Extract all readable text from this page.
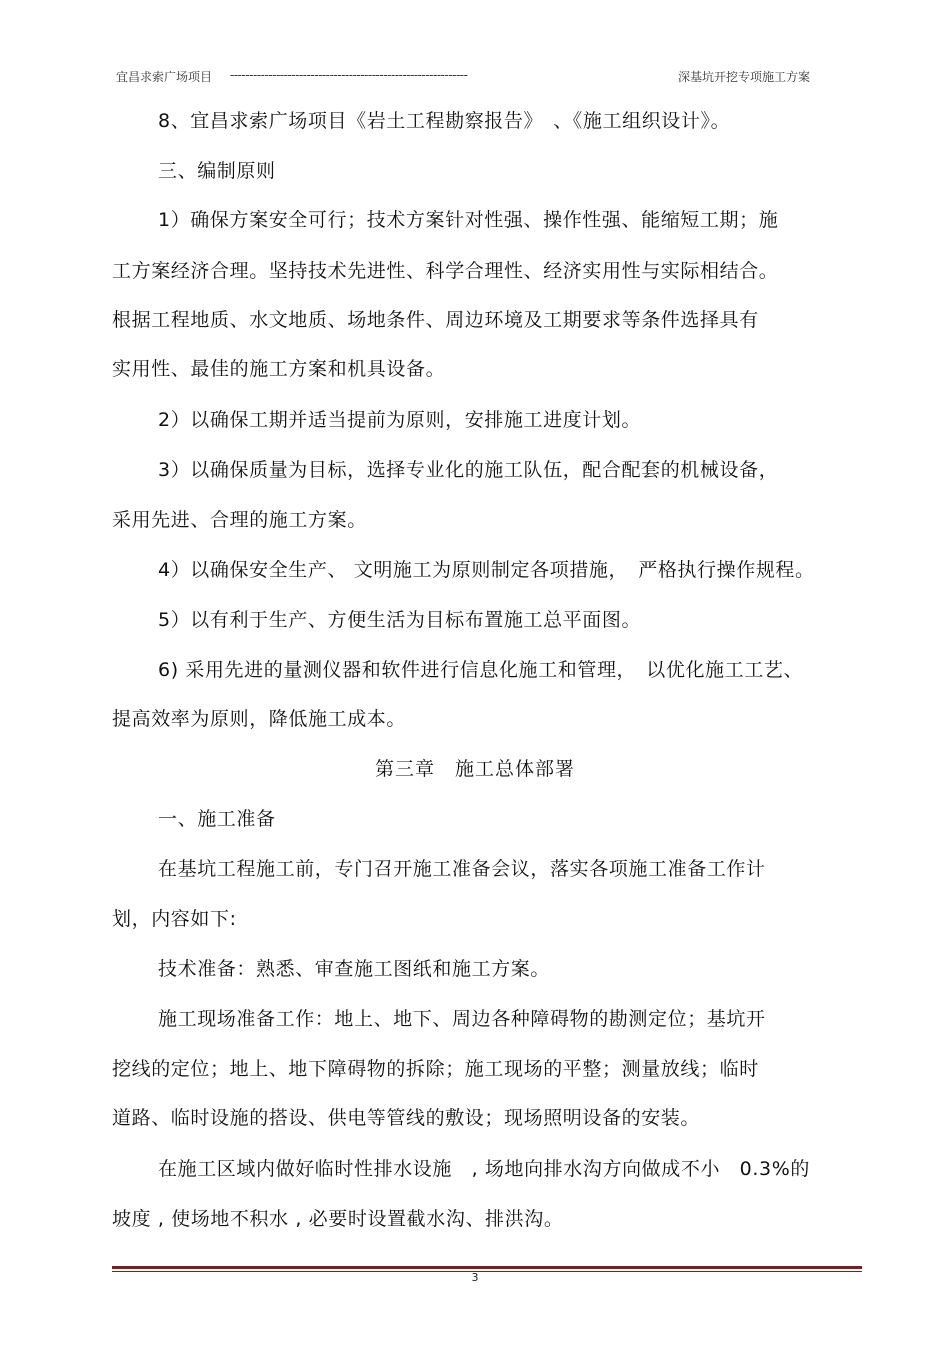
宜昌求索广场项目 --------------------------------------------------------------	深基坑开挖专项施工方案
8、宜昌求索广场项目《岩土工程勘察报告》　、《施工组织设计》。
三、编制原则
1）确保方案安全可行；技术方案针对性强、操作性强、能缩短工期；施
工方案经济合理。坚持技术先进性、科学合理性、经济实用性与实际相结合。
根据工程地质、水文地质、场地条件、周边环境及工期要求等条件选择具有
实用性、最佳的施工方案和机具设备。
2）以确保工期并适当提前为原则，安排施工进度计划。
3）以确保质量为目标，选择专业化的施工队伍，配合配套的机械设备，
采用先进、合理的施工方案。
4）以确保安全生产、 文明施工为原则制定各项措施，　严格执行操作规程。
5）以有利于生产、方便生活为目标布置施工总平面图。
6) 采用先进的量测仪器和软件进行信息化施工和管理，　以优化施工工艺、
提高效率为原则，降低施工成本。
第三章　施工总体部署
一、施工准备
在基坑工程施工前，专门召开施工准备会议，落实各项施工准备工作计
划，内容如下:
技术准备：熟悉、审查施工图纸和施工方案。
施工现场准备工作：地上、地下、周边各种障碍物的勘测定位；基坑开
挖线的定位；地上、地下障碍物的拆除；施工现场的平整；测量放线；临时
道路、临时设施的搭设、供电等管线的敷设；现场照明设备的安装。
在施工区域内做好临时性排水设施　, 场地向排水沟方向做成不小　0.3%的
坡度 , 使场地不积水 , 必要时设置截水沟、排洪沟。
3
